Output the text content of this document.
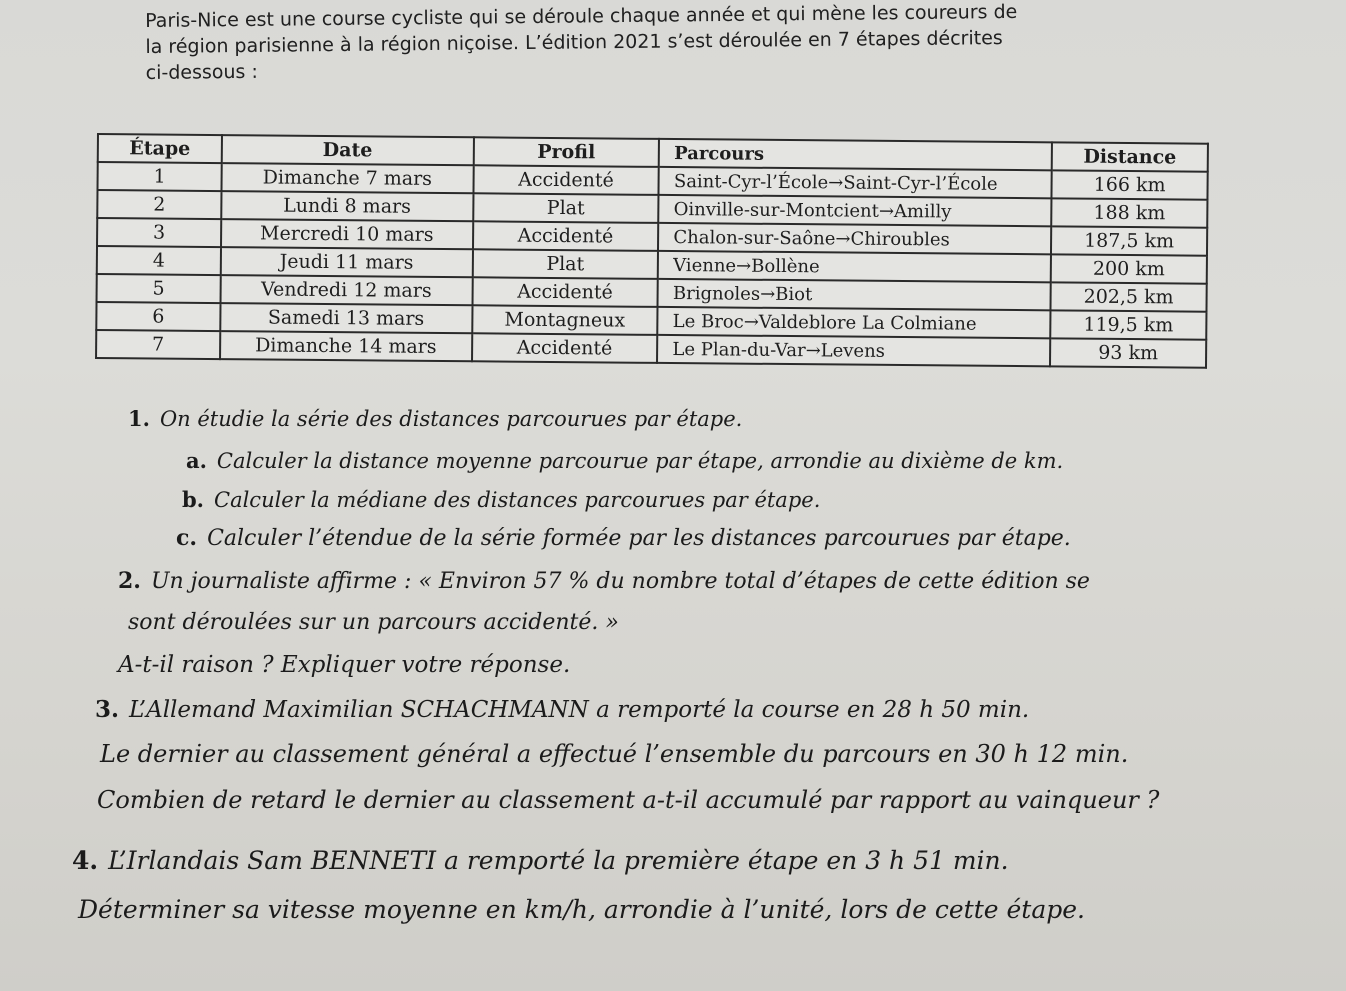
Paris-Nice est une course cycliste qui se déroule chaque année et qui mène les coureurs de
la région parisienne à la région niçoise. L’édition 2021 s’est déroulée en 7 étapes décrites
ci-dessous :
Étape	Date	Profil	Parcours	Distance
1	Dimanche 7 mars	Accidenté	Saint-Cyr-l’École→Saint-Cyr-l’École	166 km
2	Lundi 8 mars	Plat	Oinville-sur-Montcient→Amilly	188 km
3	Mercredi 10 mars	Accidenté	Chalon-sur-Saône→Chiroubles	187,5 km
4	Jeudi 11 mars	Plat	Vienne→Bollène	200 km
5	Vendredi 12 mars	Accidenté	Brignoles→Biot	202,5 km
6	Samedi 13 mars	Montagneux	Le Broc→Valdeblore La Colmiane	119,5 km
7	Dimanche 14 mars	Accidenté	Le Plan-du-Var→Levens	93 km
1. On étudie la série des distances parcourues par étape.
a. Calculer la distance moyenne parcourue par étape, arrondie au dixième de km.
b. Calculer la médiane des distances parcourues par étape.
c. Calculer l’étendue de la série formée par les distances parcourues par étape.
2. Un journaliste affirme : « Environ 57 % du nombre total d’étapes de cette édition se
sont déroulées sur un parcours accidenté. »
A-t-il raison ? Expliquer votre réponse.
3. L’Allemand Maximilian SCHACHMANN a remporté la course en 28 h 50 min.
Le dernier au classement général a effectué l’ensemble du parcours en 30 h 12 min.
Combien de retard le dernier au classement a-t-il accumulé par rapport au vainqueur ?
4. L’Irlandais Sam BENNETI a remporté la première étape en 3 h 51 min.
Déterminer sa vitesse moyenne en km/h, arrondie à l’unité, lors de cette étape.
